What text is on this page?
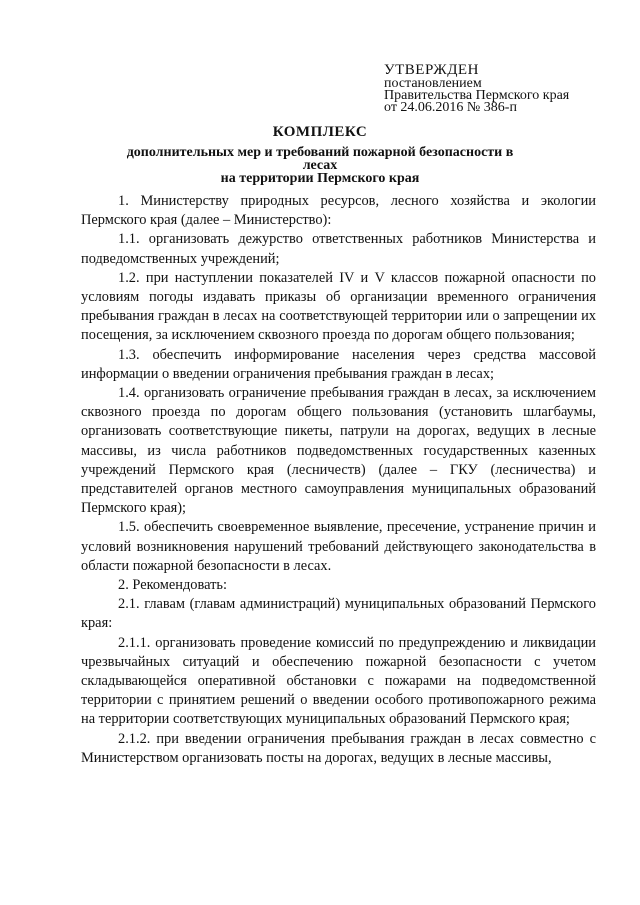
УТВЕРЖДЕН
постановлением
Правительства Пермского края
от 24.06.2016 № 386-п
КОМПЛЕКС
дополнительных мер и требований пожарной безопасности в лесах
на территории Пермского края

1. Министерству природных ресурсов, лесного хозяйства и экологии Пермского края (далее – Министерство):

1.1. организовать дежурство ответственных работников Министерства и подведомственных учреждений;

1.2. при наступлении показателей IV и V классов пожарной опасности по условиям погоды издавать приказы об организации временного ограничения пребывания граждан в лесах на соответствующей территории или о запрещении их посещения, за исключением сквозного проезда по дорогам общего пользования;

1.3. обеспечить информирование населения через средства массовой информации о введении ограничения пребывания граждан в лесах;

1.4. организовать ограничение пребывания граждан в лесах, за исключением сквозного проезда по дорогам общего пользования (установить шлагбаумы, организовать соответствующие пикеты, патрули на дорогах, ведущих в лесные массивы, из числа работников подведомственных государственных казенных учреждений Пермского края (лесничеств) (далее – ГКУ (лесничества) и представителей органов местного самоуправления муниципальных образований Пермского края);

1.5. обеспечить своевременное выявление, пресечение, устранение причин и условий возникновения нарушений требований действующего законодательства в области пожарной безопасности в лесах.

2. Рекомендовать:

2.1. главам (главам администраций) муниципальных образований Пермского края:

2.1.1. организовать проведение комиссий по предупреждению и ликвидации чрезвычайных ситуаций и обеспечению пожарной безопасности с учетом складывающейся оперативной обстановки с пожарами на подведомственной территории с принятием решений о введении особого противопожарного режима на территории соответствующих муниципальных образований Пермского края;

2.1.2. при введении ограничения пребывания граждан в лесах совместно с Министерством организовать посты на дорогах, ведущих в лесные массивы,
